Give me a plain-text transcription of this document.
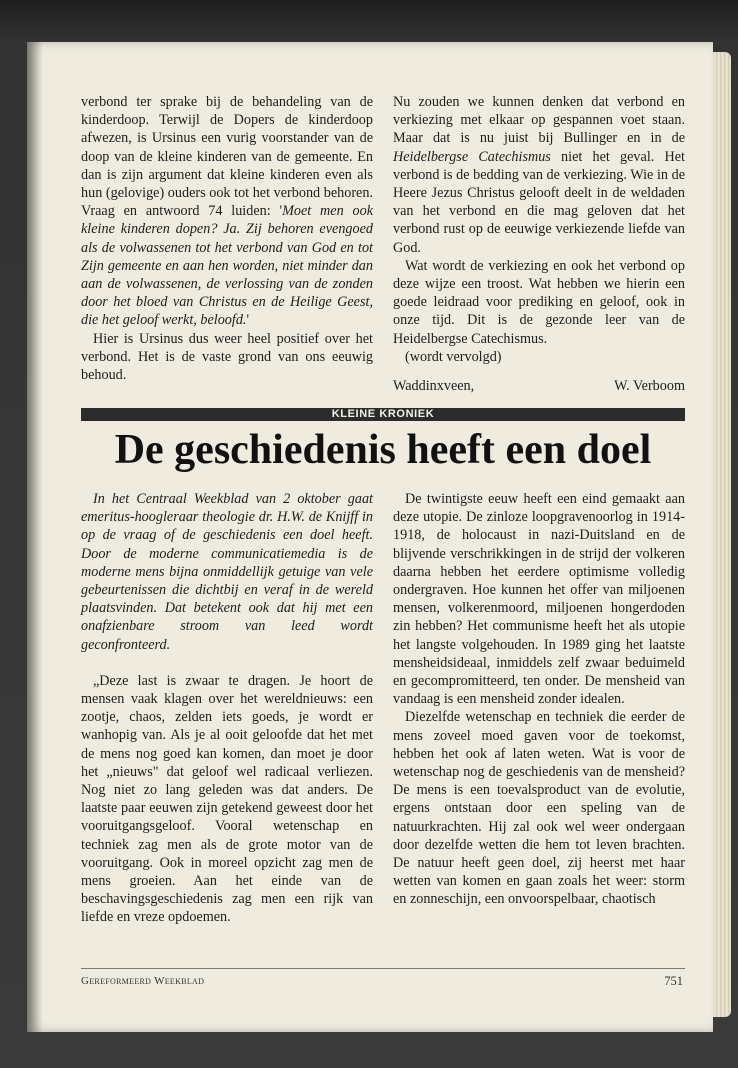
verbond ter sprake bij de behandeling van de kinderdoop. Terwijl de Dopers de kinderdoop afwezen, is Ursinus een vurig voorstander van de doop van de kleine kinderen van de gemeente. En dan is zijn argument dat kleine kinderen even als hun (gelovige) ouders ook tot het verbond behoren. Vraag en antwoord 74 luiden: 'Moet men ook kleine kinderen dopen? Ja. Zij behoren evengoed als de volwassenen tot het verbond van God en tot Zijn gemeente en aan hen worden, niet minder dan aan de volwassenen, de verlossing van de zonden door het bloed van Christus en de Heilige Geest, die het geloof werkt, beloofd.'

Hier is Ursinus dus weer heel positief over het verbond. Het is de vaste grond van ons eeuwig behoud.

Nu zouden we kunnen denken dat verbond en verkiezing met elkaar op gespannen voet staan. Maar dat is nu juist bij Bullinger en in de Heidelbergse Catechismus niet het geval. Het verbond is de bedding van de verkiezing. Wie in de Heere Jezus Christus gelooft deelt in de weldaden van het verbond en die mag geloven dat het verbond rust op de eeuwige verkiezende liefde van God.

Wat wordt de verkiezing en ook het verbond op deze wijze een troost. Wat hebben we hierin een goede leidraad voor prediking en geloof, ook in onze tijd. Dit is de gezonde leer van de Heidelbergse Catechismus.

(wordt vervolgd)

Waddinxveen,	W. Verboom
KLEINE KRONIEK
De geschiedenis heeft een doel

In het Centraal Weekblad van 2 oktober gaat emeritus-hoogleraar theologie dr. H.W. de Knijff in op de vraag of de geschiedenis een doel heeft. Door de moderne communicatiemedia is de moderne mens bijna onmiddellijk getuige van vele gebeurtenissen die dichtbij en veraf in de wereld plaatsvinden. Dat betekent ook dat hij met een onafzienbare stroom van leed wordt geconfronteerd.

„Deze last is zwaar te dragen. Je hoort de mensen vaak klagen over het wereldnieuws: een zootje, chaos, zelden iets goeds, je wordt er wanhopig van. Als je al ooit geloofde dat het met de mens nog goed kan komen, dan moet je door het „nieuws" dat geloof wel radicaal verliezen. Nog niet zo lang geleden was dat anders. De laatste paar eeuwen zijn getekend geweest door het vooruitgangsgeloof. Vooral wetenschap en techniek zag men als de grote motor van de vooruitgang. Ook in moreel opzicht zag men de mens groeien. Aan het einde van de beschavingsgeschiedenis zag men een rijk van liefde en vreze opdoemen.

De twintigste eeuw heeft een eind gemaakt aan deze utopie. De zinloze loopgravenoorlog in 1914-1918, de holocaust in nazi-Duitsland en de blijvende verschrikkingen in de strijd der volkeren daarna hebben het eerdere optimisme volledig ondergraven. Hoe kunnen het offer van miljoenen mensen, volkerenmoord, miljoenen hongerdoden zin hebben? Het communisme heeft het als utopie het langste volgehouden. In 1989 ging het laatste mensheidsideaal, inmiddels zelf zwaar beduimeld en gecompromitteerd, ten onder. De mensheid van vandaag is een mensheid zonder idealen.

Diezelfde wetenschap en techniek die eerder de mens zoveel moed gaven voor de toekomst, hebben het ook af laten weten. Wat is voor de wetenschap nog de geschiedenis van de mensheid? De mens is een toevalsproduct van de evolutie, ergens ontstaan door een speling van de natuurkrachten. Hij zal ook wel weer ondergaan door dezelfde wetten die hem tot leven brachten. De natuur heeft geen doel, zij heerst met haar wetten van komen en gaan zoals het weer: storm en zonneschijn, een onvoorspelbaar, chaotisch

Gereformeerd Weekblad	751
